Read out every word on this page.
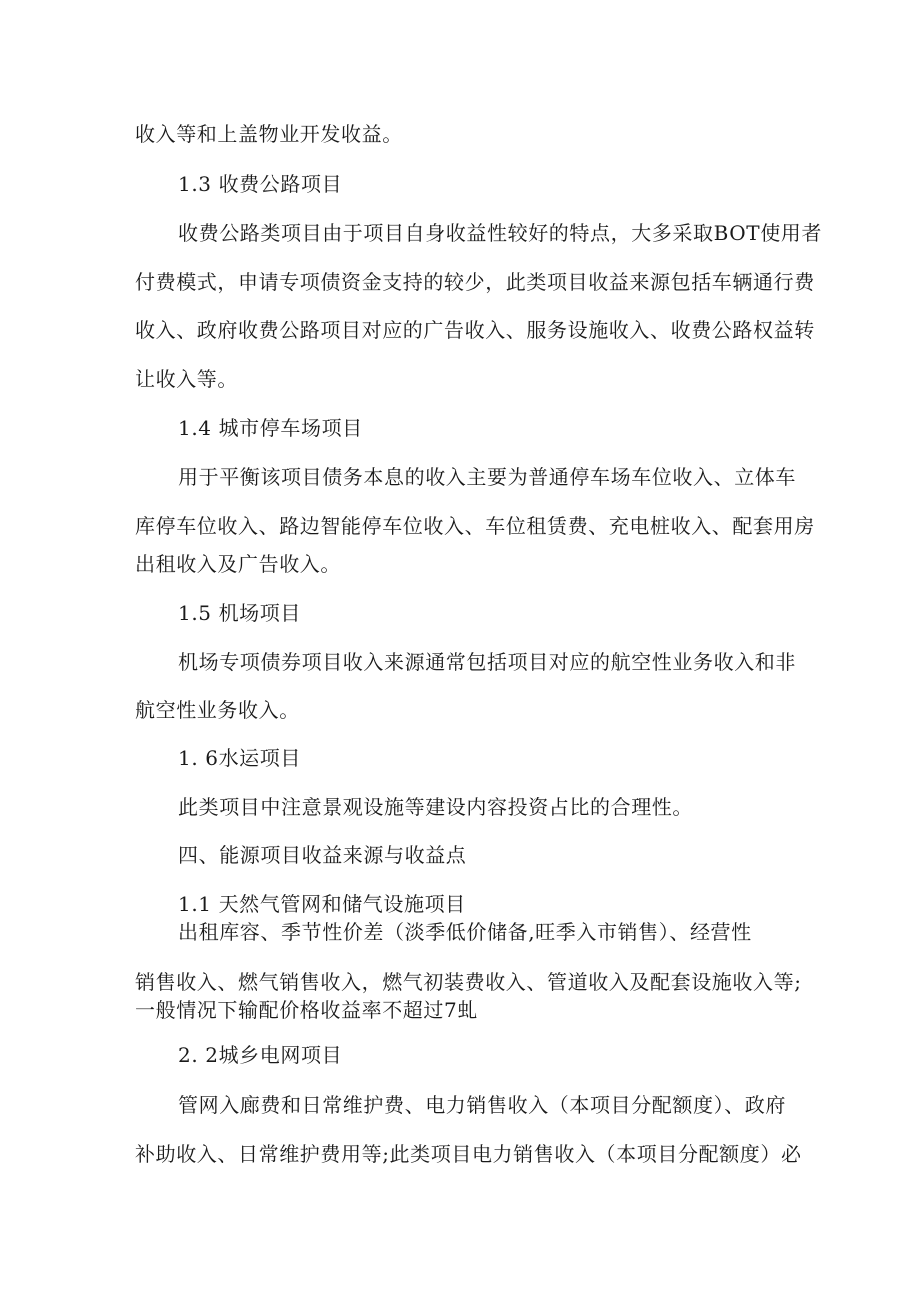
收入等和上盖物业开发收益。
1.3 收费公路项目
收费公路类项目由于项目自身收益性较好的特点，大多采取BOT使用者
付费模式，申请专项债资金支持的较少，此类项目收益来源包括车辆通行费
收入、政府收费公路项目对应的广告收入、服务设施收入、收费公路权益转
让收入等。
1.4 城市停车场项目
用于平衡该项目债务本息的收入主要为普通停车场车位收入、立体车
库停车位收入、路边智能停车位收入、车位租赁费、充电桩收入、配套用房
出租收入及广告收入。
1.5 机场项目
机场专项债券项目收入来源通常包括项目对应的航空性业务收入和非
航空性业务收入。
1. 6水运项目
此类项目中注意景观设施等建设内容投资占比的合理性。
四、能源项目收益来源与收益点
1.1 天然气管网和储气设施项目
出租库容、季节性价差（淡季低价储备,旺季入市销售）、经营性
销售收入、燃气销售收入，燃气初装费收入、管道收入及配套设施收入等;
一般情况下输配价格收益率不超过7虬
2. 2城乡电网项目
管网入廊费和日常维护费、电力销售收入（本项目分配额度）、政府
补助收入、日常维护费用等;此类项目电力销售收入（本项目分配额度）必
